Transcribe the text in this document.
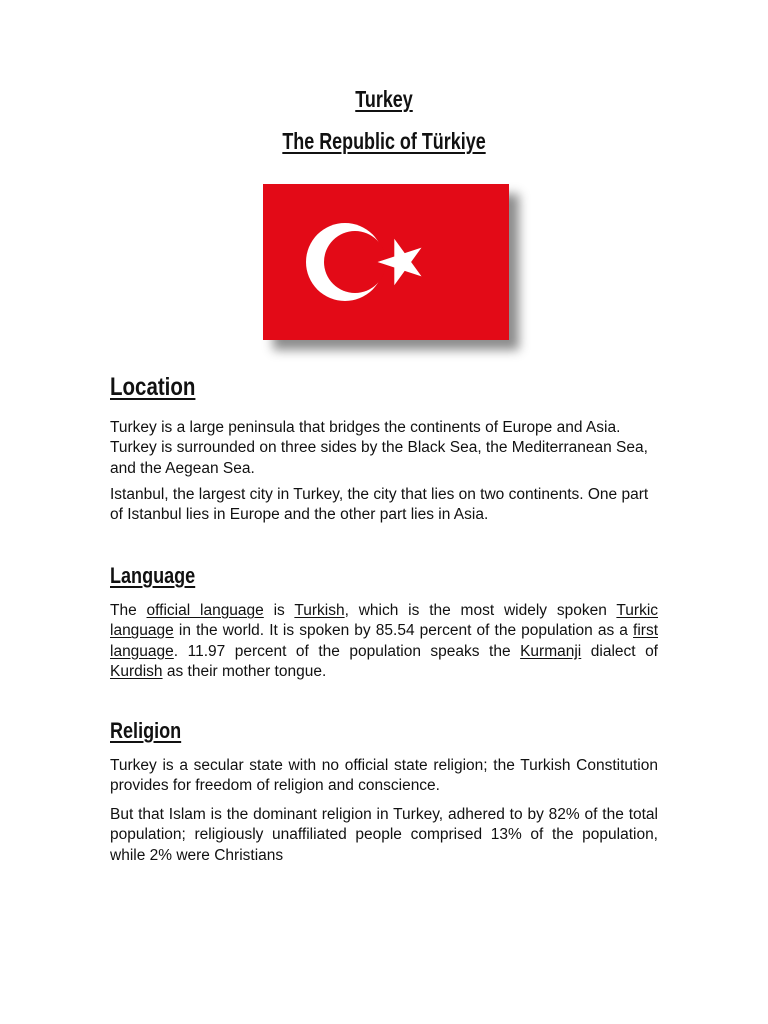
Turkey
The Republic of Türkiye
Location

Turkey is a large peninsula that bridges the continents of Europe and Asia. Turkey is surrounded on three sides by the Black Sea, the Mediterranean Sea, and the Aegean Sea.

Istanbul, the largest city in Turkey, the city that lies on two continents. One part of Istanbul lies in Europe and the other part lies in Asia.

Language

The official language is Turkish, which is the most widely spoken Turkic language in the world. It is spoken by 85.54 percent of the population as a first language. 11.97 percent of the population speaks the Kurmanji dialect of Kurdish as their mother tongue.

Religion

Turkey is a secular state with no official state religion; the Turkish Constitution provides for freedom of religion and conscience.

But that Islam is the dominant religion in Turkey, adhered to by 82% of the total population; religiously unaffiliated people comprised 13% of the population, while 2% were Christians
